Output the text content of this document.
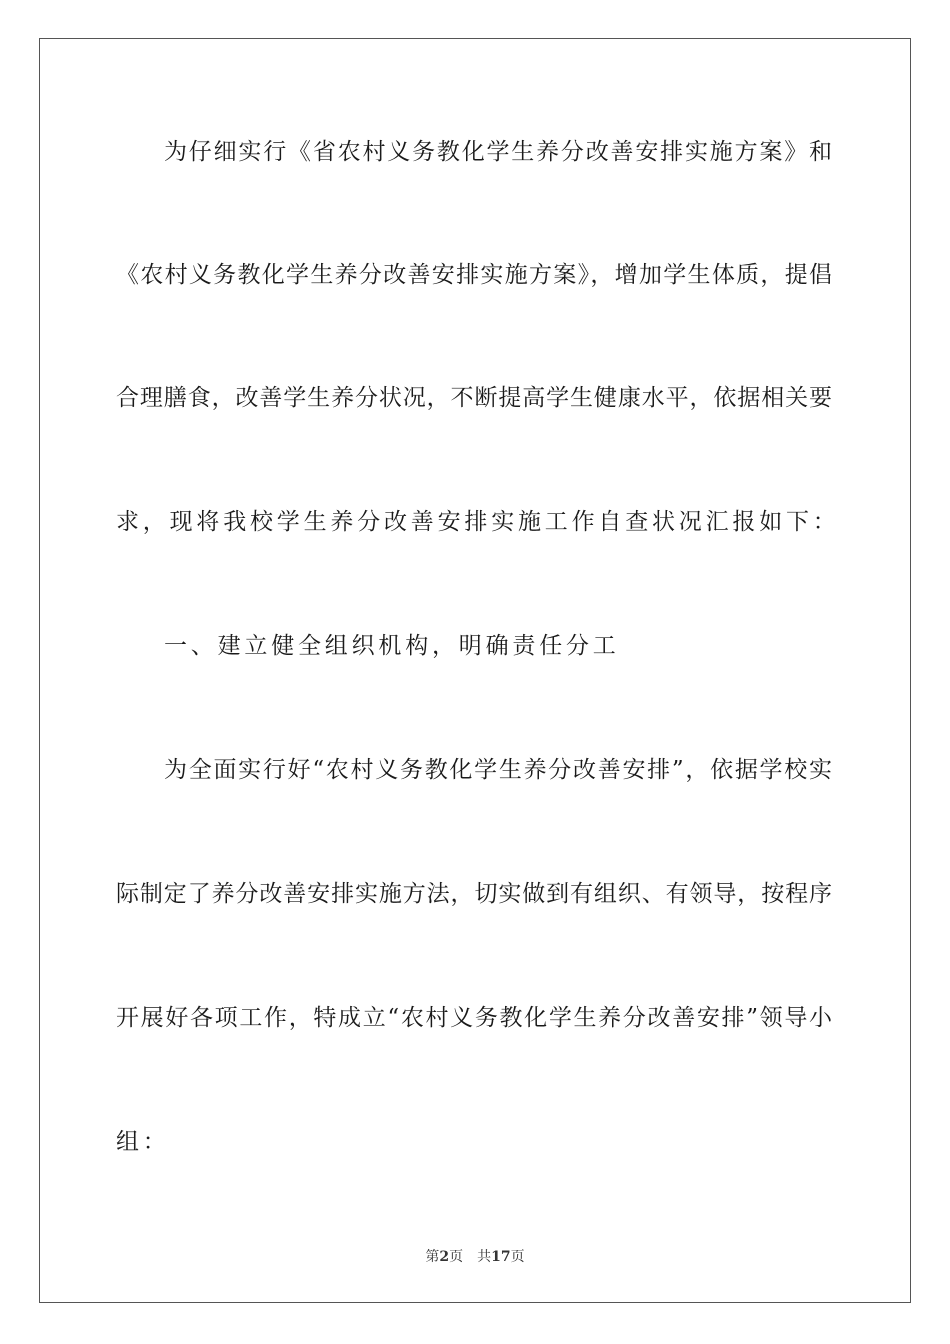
为仔细实行《省农村义务教化学生养分改善安排实施方案》和
《农村义务教化学生养分改善安排实施方案》，增加学生体质，提倡
合理膳食，改善学生养分状况，不断提高学生健康水平，依据相关要
求，现将我校学生养分改善安排实施工作自查状况汇报如下：
一、建立健全组织机构，明确责任分工
为全面实行好“农村义务教化学生养分改善安排”，依据学校实
际制定了养分改善安排实施方法，切实做到有组织、有领导，按程序
开展好各项工作，特成立“农村义务教化学生养分改善安排”领导小
组：
第2页 共17页
